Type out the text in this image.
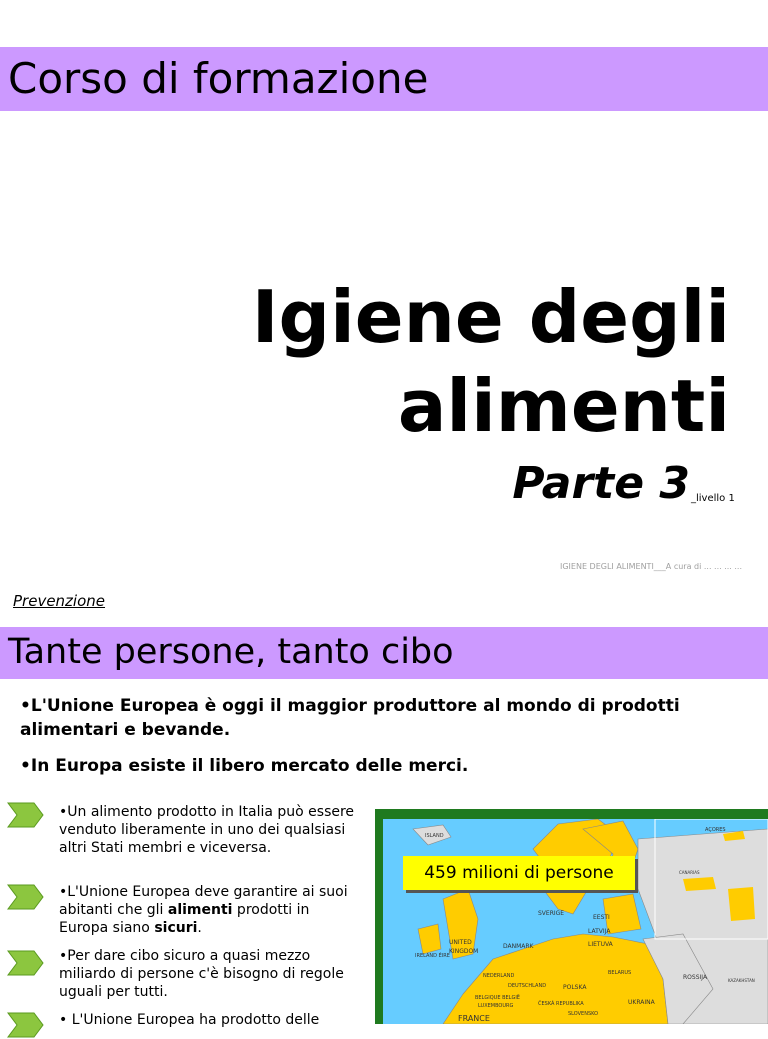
Corso di formazione
Igiene degli
alimenti
Parte 3 _livello 1
IGIENE DEGLI ALIMENTI___A cura di ... ... ... ...
Prevenzione
Tante persone, tanto cibo
•L'Unione Europea è oggi il maggior produttore al mondo di prodotti alimentari e bevande.
•In Europa esiste il libero mercato delle merci.
•Un alimento prodotto in Italia può essere venduto liberamente in uno dei qualsiasi altri Stati membri e viceversa.
•L'Unione Europea deve garantire ai suoi abitanti che gli alimenti prodotti in Europa siano sicuri.
•Per dare cibo sicuro a quasi mezzo miliardo di persone c'è bisogno di regole uguali per tutti.
• L'Unione Europea ha prodotto delle
ISLAND
AÇORES
CANARIAS
SVERIGE
EESTI
LATVIJA
LIETUVA
UNITED
KINGDOM
IRELAND ÉIRE
DANMARK
NEDERLAND
DEUTSCHLAND
BELGIQUE BELGIË
LUXEMBOURG
POLSKA
ČESKÁ REPUBLIKA
SLOVENSKO
FRANCE
BELARUS
UKRAINA
ROSSIJA	KAZAKHSTAN
459 milioni di persone
